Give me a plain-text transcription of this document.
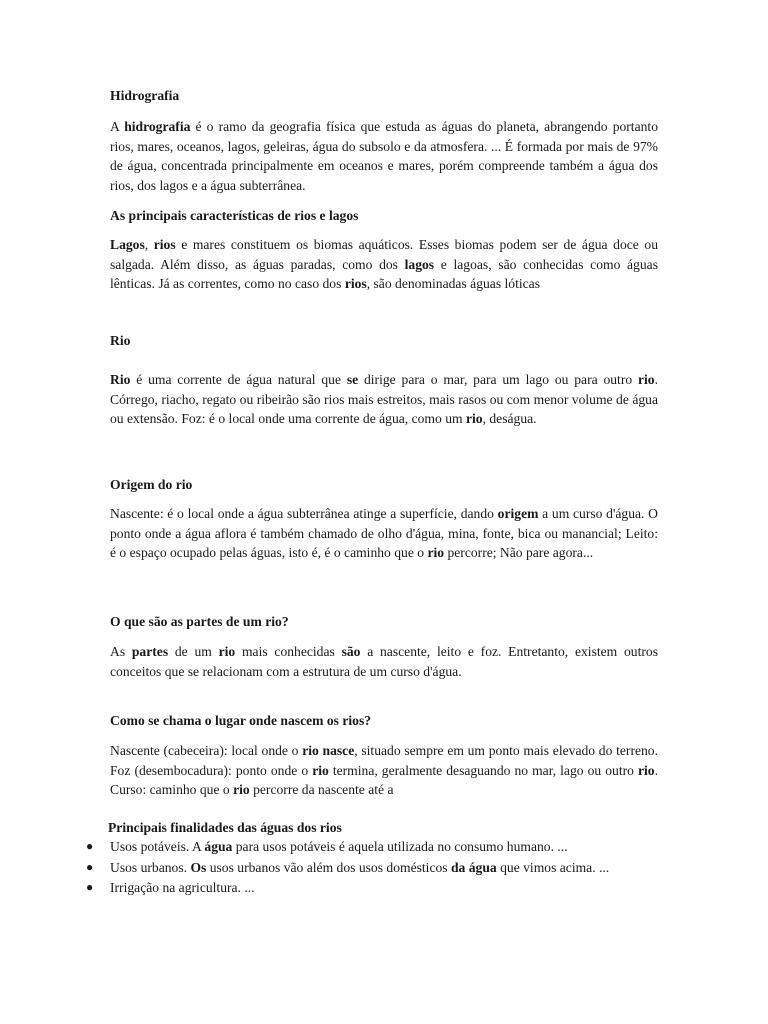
Hidrografia
A hidrografia é o ramo da geografia física que estuda as águas do planeta, abrangendo portanto rios, mares, oceanos, lagos, geleiras, água do subsolo e da atmosfera. ... É formada por mais de 97% de água, concentrada principalmente em oceanos e mares, porém compreende também a água dos rios, dos lagos e a água subterrânea.
As principais características de rios e lagos
Lagos, rios e mares constituem os biomas aquáticos. Esses biomas podem ser de água doce ou salgada. Além disso, as águas paradas, como dos lagos e lagoas, são conhecidas como águas lênticas. Já as correntes, como no caso dos rios, são denominadas águas lóticas
Rio
Rio é uma corrente de água natural que se dirige para o mar, para um lago ou para outro rio. Córrego, riacho, regato ou ribeirão são rios mais estreitos, mais rasos ou com menor volume de água ou extensão. Foz: é o local onde uma corrente de água, como um rio, deságua.
Origem do rio
Nascente: é o local onde a água subterrânea atinge a superfície, dando origem a um curso d'água. O ponto onde a água aflora é também chamado de olho d'água, mina, fonte, bica ou manancial; Leito: é o espaço ocupado pelas águas, isto é, é o caminho que o rio percorre; Não pare agora...
O que são as partes de um rio?
As partes de um rio mais conhecidas são a nascente, leito e foz. Entretanto, existem outros conceitos que se relacionam com a estrutura de um curso d'água.
Como se chama o lugar onde nascem os rios?
Nascente (cabeceira): local onde o rio nasce, situado sempre em um ponto mais elevado do terreno. Foz (desembocadura): ponto onde o rio termina, geralmente desaguando no mar, lago ou outro rio. Curso: caminho que o rio percorre da nascente até a
Principais finalidades das águas dos rios
● Usos potáveis. A água para usos potáveis é aquela utilizada no consumo humano. ...
● Usos urbanos. Os usos urbanos vão além dos usos domésticos da água que vimos acima. ...
● Irrigação na agricultura. ...
